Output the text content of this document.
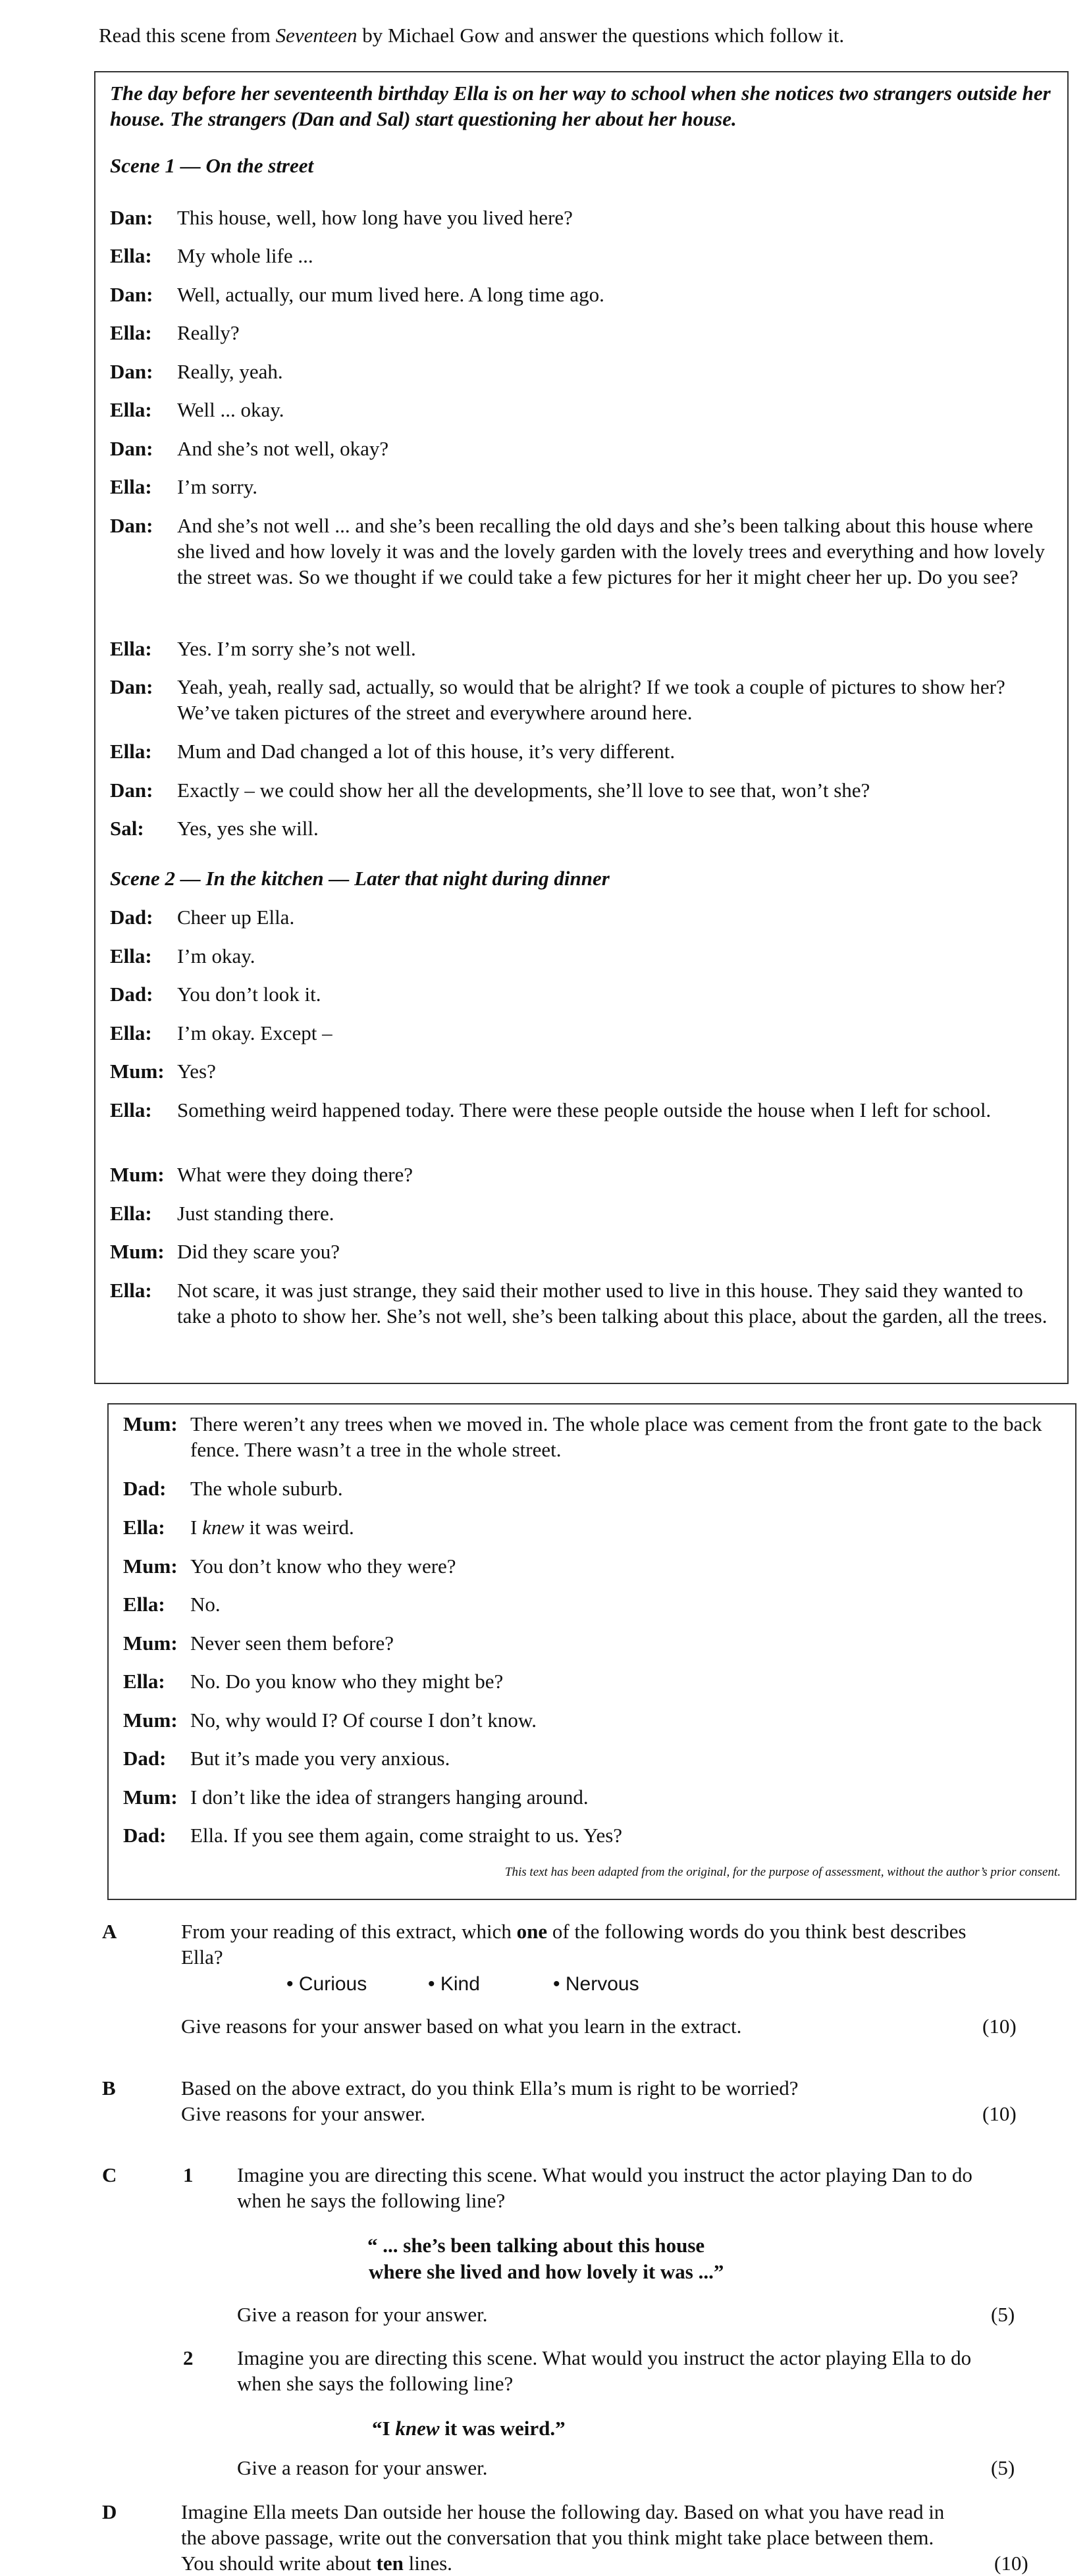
Read this scene from Seventeen by Michael Gow and answer the questions which follow it.
The day before her seventeenth birthday Ella is on her way to school when she notices two strangers outside her house. The strangers (Dan and Sal) start questioning her about her house.
Scene 1 — On the street
Dan: This house, well, how long have you lived here?
Ella: My whole life ...
Dan: Well, actually, our mum lived here. A long time ago.
Ella: Really?
Dan: Really, yeah.
Ella: Well ... okay.
Dan: And she’s not well, okay?
Ella: I’m sorry.
Dan: And she’s not well ... and she’s been recalling the old days and she’s been talking about this house where she lived and how lovely it was and the lovely garden with the lovely trees and everything and how lovely the street was. So we thought if we could take a few pictures for her it might cheer her up. Do you see?
Ella: Yes. I’m sorry she’s not well.
Dan: Yeah, yeah, really sad, actually, so would that be alright? If we took a couple of pictures to show her? We’ve taken pictures of the street and everywhere around here.
Ella: Mum and Dad changed a lot of this house, it’s very different.
Dan: Exactly – we could show her all the developments, she’ll love to see that, won’t she?
Sal: Yes, yes she will.
Scene 2 — In the kitchen — Later that night during dinner
Dad: Cheer up Ella.
Ella: I’m okay.
Dad: You don’t look it.
Ella: I’m okay. Except –
Mum: Yes?
Ella: Something weird happened today. There were these people outside the house when I left for school.
Mum: What were they doing there?
Ella: Just standing there.
Mum: Did they scare you?
Ella: Not scare, it was just strange, they said their mother used to live in this house. They said they wanted to take a photo to show her. She’s not well, she’s been talking about this place, about the garden, all the trees.
Mum: There weren’t any trees when we moved in. The whole place was cement from the front gate to the back fence. There wasn’t a tree in the whole street.
Dad: The whole suburb.
Ella: I knew it was weird.
Mum: You don’t know who they were?
Ella: No.
Mum: Never seen them before?
Ella: No. Do you know who they might be?
Mum: No, why would I? Of course I don’t know.
Dad: But it’s made you very anxious.
Mum: I don’t like the idea of strangers hanging around.
Dad: Ella. If you see them again, come straight to us. Yes?
This text has been adapted from the original, for the purpose of assessment, without the author’s prior consent.
A	From your reading of this extract, which one of the following words do you think best describes Ella?
• Curious	• Kind	• Nervous
Give reasons for your answer based on what you learn in the extract.	(10)
B	Based on the above extract, do you think Ella’s mum is right to be worried?
Give reasons for your answer.	(10)
C	1 Imagine you are directing this scene. What would you instruct the actor playing Dan to do when he says the following line?
“ ... she’s been talking about this house
where she lived and how lovely it was ...”
Give a reason for your answer.	(5)
2 Imagine you are directing this scene. What would you instruct the actor playing Ella to do when she says the following line?
“I knew it was weird.”
Give a reason for your answer.	(5)
D	Imagine Ella meets Dan outside her house the following day. Based on what you have read in the above passage, write out the conversation that you think might take place between them. You should write about ten lines.	(10)
